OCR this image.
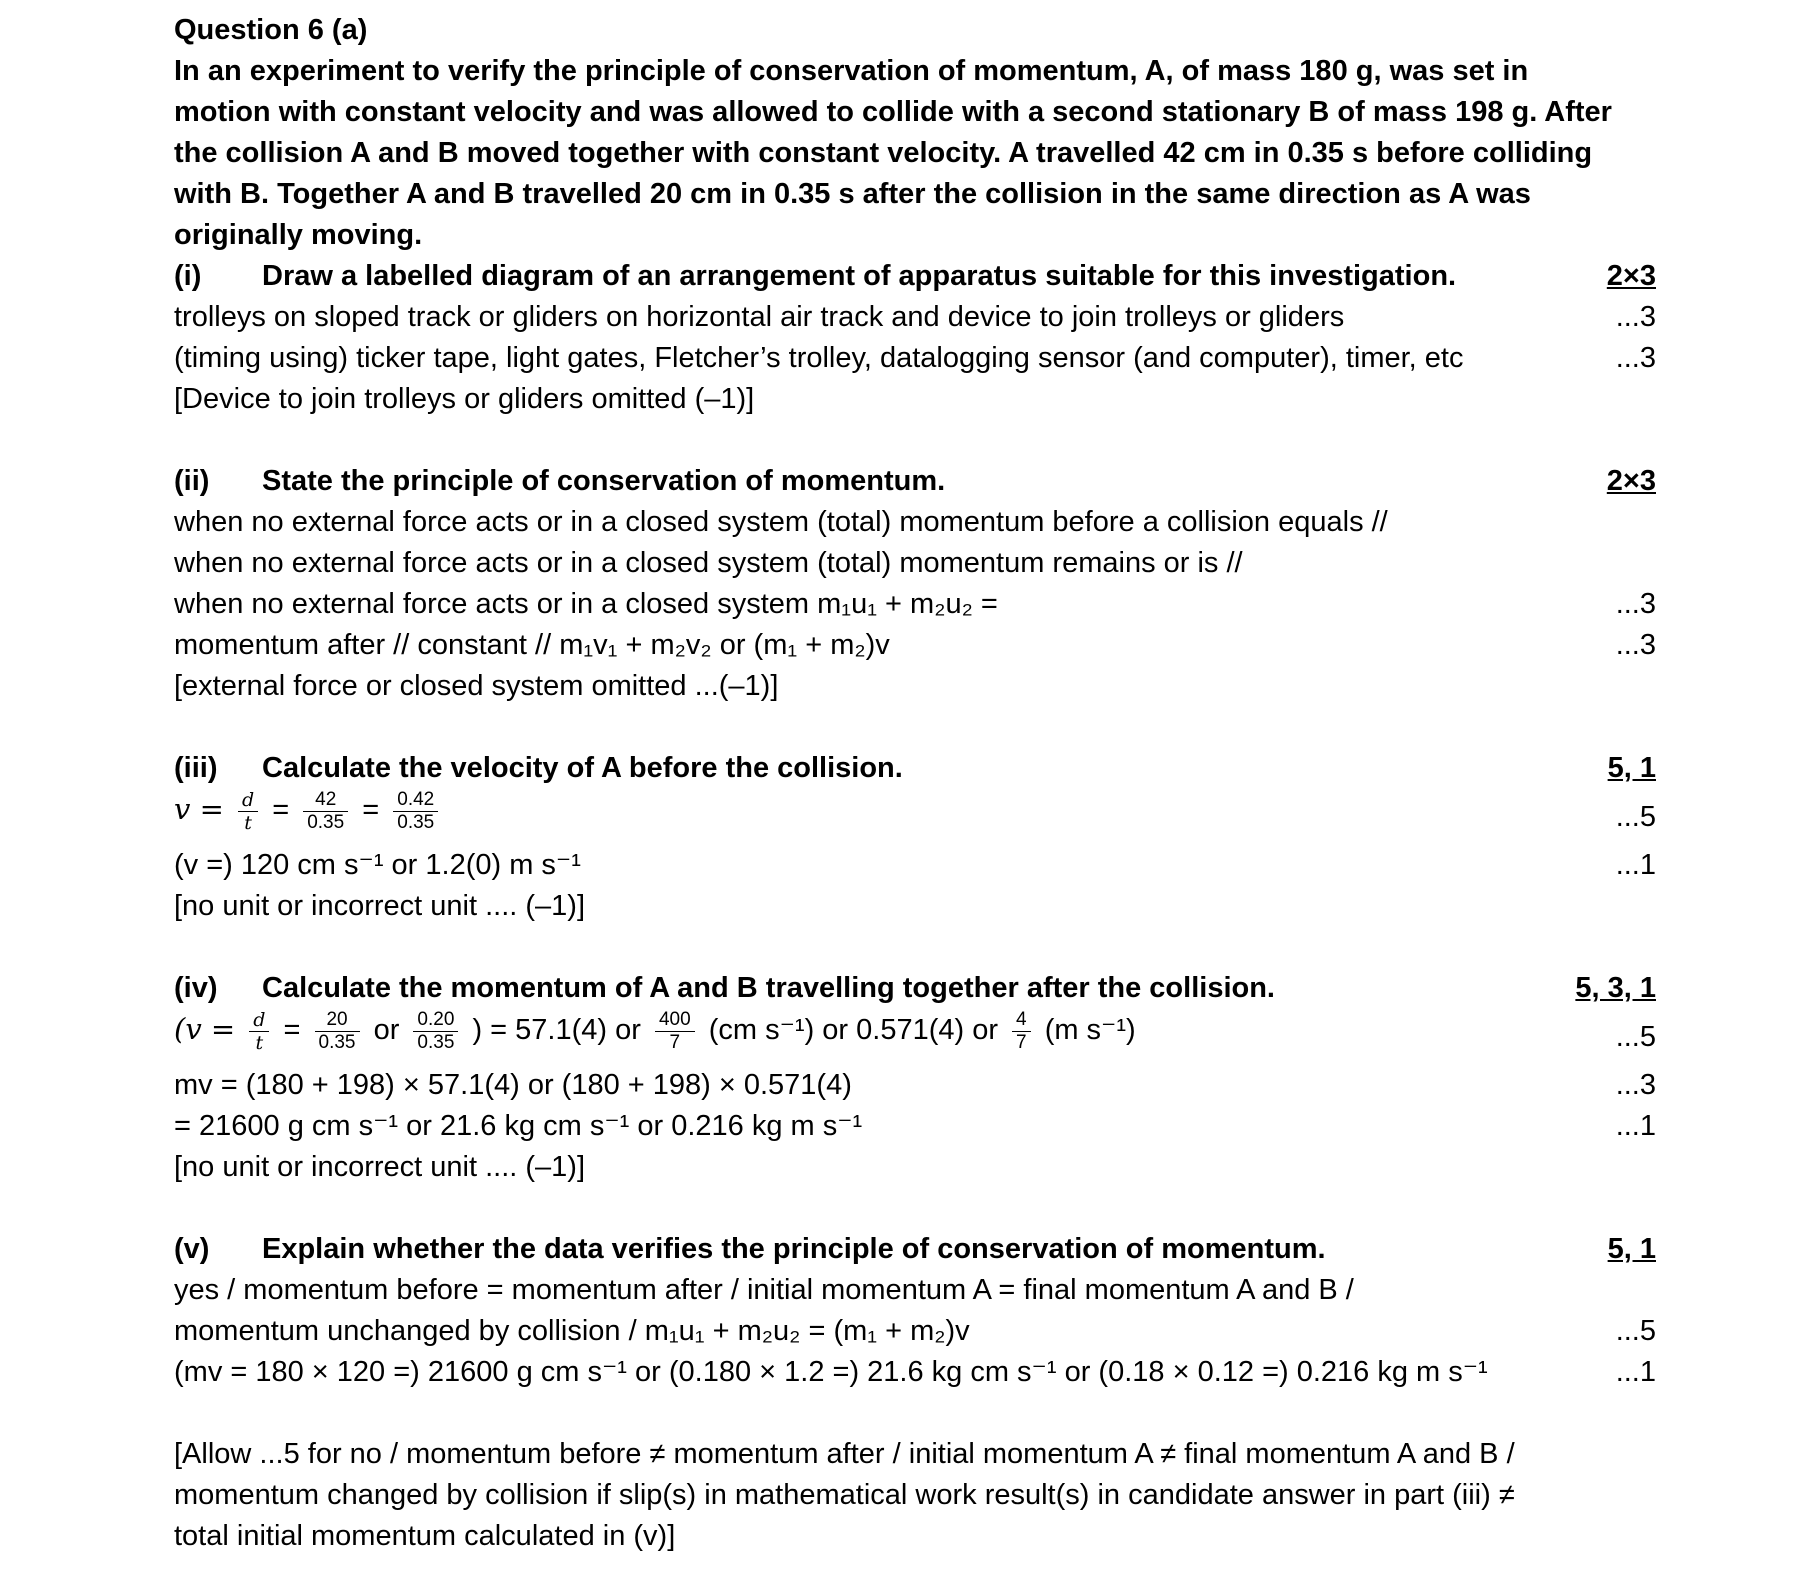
Question 6 (a)
In an experiment to verify the principle of conservation of momentum, A, of mass 180 g, was set in
motion with constant velocity and was allowed to collide with a second stationary B of mass 198 g. After
the collision A and B moved together with constant velocity. A travelled 42 cm in 0.35 s before colliding
with B. Together A and B travelled 20 cm in 0.35 s after the collision in the same direction as A was
originally moving.
(i) Draw a labelled diagram of an arrangement of apparatus suitable for this investigation.	2×3
trolleys on sloped track or gliders on horizontal air track and device to join trolleys or gliders	...3
(timing using) ticker tape, light gates, Fletcher’s trolley, datalogging sensor (and computer), timer, etc	...3
[Device to join trolleys or gliders omitted (–1)]
(ii) State the principle of conservation of momentum.	2×3
when no external force acts or in a closed system (total) momentum before a collision equals //
when no external force acts or in a closed system (total) momentum remains or is //
when no external force acts or in a closed system m₁u₁ + m₂u₂ =	...3
momentum after // constant // m₁v₁ + m₂v₂ or (m₁ + m₂)v	...3
[external force or closed system omitted ...(–1)]
(iii) Calculate the velocity of A before the collision.	5, 1
$v = \frac{d}{t} = \frac{42}{0.35} = \frac{0.42}{0.35}$	...5
(v =) 120 cm s⁻¹ or 1.2(0) m s⁻¹	...1
[no unit or incorrect unit .... (–1)]
(iv) Calculate the momentum of A and B travelling together after the collision.	5, 3, 1
($v = \frac{d}{t} = \frac{20}{0.35}$ or $\frac{0.20}{0.35}$ ) = 57.1(4) or $\frac{400}{7} (cm$ s⁻¹) or 0.571(4) or $\frac{4}{7} (m$ s⁻¹)	...5
mv = (180 + 198) × 57.1(4) or (180 + 198) × 0.571(4)	...3
= 21600 g cm s⁻¹ or 21.6 kg cm s⁻¹ or 0.216 kg m s⁻¹	...1
[no unit or incorrect unit .... (–1)]
(v) Explain whether the data verifies the principle of conservation of momentum.	5, 1
yes / momentum before = momentum after / initial momentum A = final momentum A and B /
momentum unchanged by collision / m₁u₁ + m₂u₂ = (m₁ + m₂)v	...5
(mv = 180 × 120 =) 21600 g cm s⁻¹ or (0.180 × 1.2 =) 21.6 kg cm s⁻¹ or (0.18 × 0.12 =) 0.216 kg m s⁻¹	...1
[Allow ...5 for no / momentum before ≠ momentum after / initial momentum A ≠ final momentum A and B /
momentum changed by collision if slip(s) in mathematical work result(s) in candidate answer in part (iii) ≠
total initial momentum calculated in (v)]
